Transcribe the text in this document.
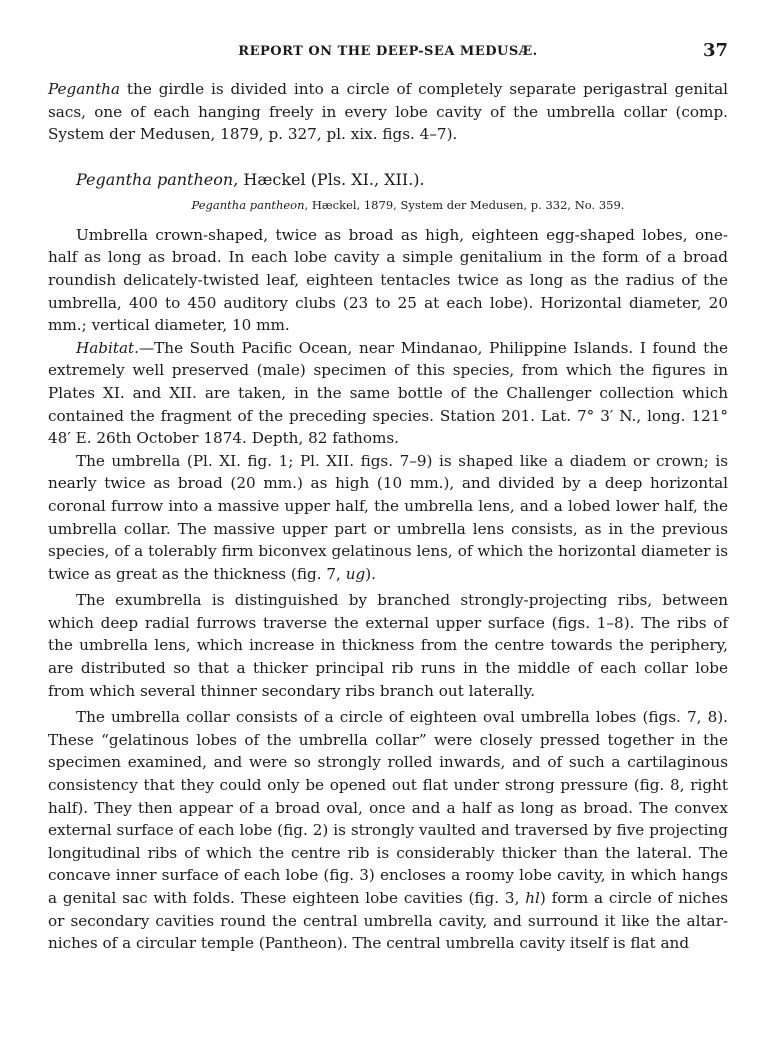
REPORT ON THE DEEP-SEA MEDUSÆ.	37

Pegantha the girdle is divided into a circle of completely separate perigastral genital sacs, one of each hanging freely in every lobe cavity of the umbrella collar (comp. System der Medusen, 1879, p. 327, pl. xix. figs. 4–7).

Pegantha pantheon, Hæckel (Pls. XI., XII.).
Pegantha pantheon, Hæckel, 1879, System der Medusen, p. 332, No. 359.

Umbrella crown-shaped, twice as broad as high, eighteen egg-shaped lobes, one-half as long as broad. In each lobe cavity a simple genitalium in the form of a broad roundish delicately-twisted leaf, eighteen tentacles twice as long as the radius of the umbrella, 400 to 450 auditory clubs (23 to 25 at each lobe). Horizontal diameter, 20 mm.; vertical diameter, 10 mm.

Habitat.—The South Pacific Ocean, near Mindanao, Philippine Islands. I found the extremely well preserved (male) specimen of this species, from which the figures in Plates XI. and XII. are taken, in the same bottle of the Challenger collection which contained the fragment of the preceding species. Station 201. Lat. 7° 3′ N., long. 121° 48′ E. 26th October 1874. Depth, 82 fathoms.

The umbrella (Pl. XI. fig. 1; Pl. XII. figs. 7–9) is shaped like a diadem or crown; is nearly twice as broad (20 mm.) as high (10 mm.), and divided by a deep horizontal coronal furrow into a massive upper half, the umbrella lens, and a lobed lower half, the umbrella collar. The massive upper part or umbrella lens consists, as in the previous species, of a tolerably firm biconvex gelatinous lens, of which the horizontal diameter is twice as great as the thickness (fig. 7, ug).

The exumbrella is distinguished by branched strongly-projecting ribs, between which deep radial furrows traverse the external upper surface (figs. 1–8). The ribs of the umbrella lens, which increase in thickness from the centre towards the periphery, are distributed so that a thicker principal rib runs in the middle of each collar lobe from which several thinner secondary ribs branch out laterally.

The umbrella collar consists of a circle of eighteen oval umbrella lobes (figs. 7, 8). These “gelatinous lobes of the umbrella collar” were closely pressed together in the specimen examined, and were so strongly rolled inwards, and of such a cartilaginous consistency that they could only be opened out flat under strong pressure (fig. 8, right half). They then appear of a broad oval, once and a half as long as broad. The convex external surface of each lobe (fig. 2) is strongly vaulted and traversed by five projecting longitudinal ribs of which the centre rib is considerably thicker than the lateral. The concave inner surface of each lobe (fig. 3) encloses a roomy lobe cavity, in which hangs a genital sac with folds. These eighteen lobe cavities (fig. 3, hl) form a circle of niches or secondary cavities round the central umbrella cavity, and surround it like the altar-niches of a circular temple (Pantheon). The central umbrella cavity itself is flat and
